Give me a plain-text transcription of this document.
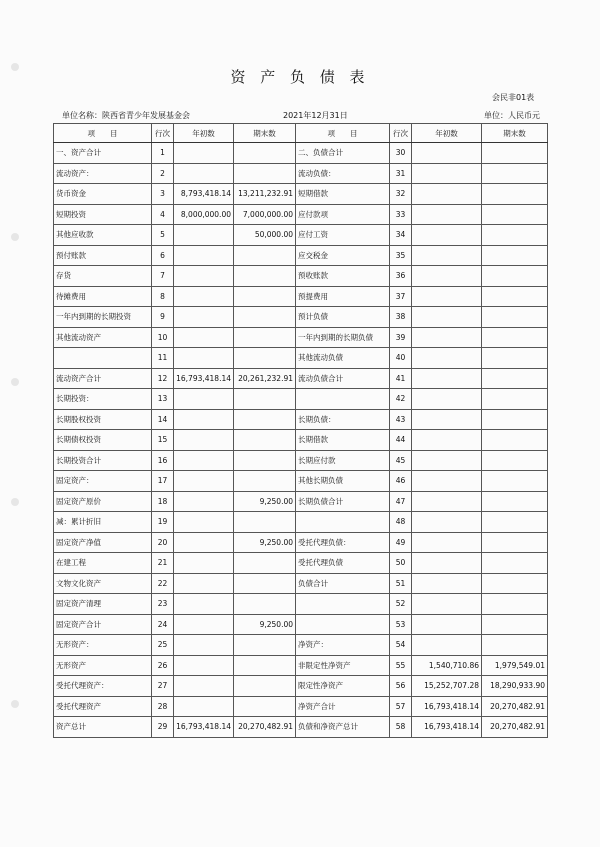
资 产 负 债 表
会民非01表
单位名称：陕西省青少年发展基金会	2021年12月31日	单位：人民币元
项　　目	行次	年初数	期末数	项　　目	行次	年初数	期末数
一、资产合计	1			二、负债合计	30		
流动资产：	2			流动负债：	31		
货币资金	3	8,793,418.14	13,211,232.91	短期借款	32		
短期投资	4	8,000,000.00	7,000,000.00	应付款项	33		
其他应收款	5		50,000.00	应付工资	34		
预付账款	6			应交税金	35		
存货	7			预收账款	36		
待摊费用	8			预提费用	37		
一年内到期的长期投资	9			预计负债	38		
其他流动资产	10			一年内到期的长期负债	39		
	11			其他流动负债	40		
流动资产合计	12	16,793,418.14	20,261,232.91	流动负债合计	41		
长期投资：	13				42		
长期股权投资	14			长期负债：	43		
长期债权投资	15			长期借款	44		
长期投资合计	16			长期应付款	45		
固定资产：	17			其他长期负债	46		
固定资产原价	18		9,250.00	长期负债合计	47		
减：累计折旧	19				48		
固定资产净值	20		9,250.00	受托代理负债：	49		
在建工程	21			受托代理负债	50		
文物文化资产	22			负债合计	51		
固定资产清理	23				52		
固定资产合计	24		9,250.00		53		
无形资产：	25			净资产：	54		
无形资产	26			非限定性净资产	55	1,540,710.86	1,979,549.01
受托代理资产：	27			限定性净资产	56	15,252,707.28	18,290,933.90
受托代理资产	28			净资产合计	57	16,793,418.14	20,270,482.91
资产总计	29	16,793,418.14	20,270,482.91	负债和净资产总计	58	16,793,418.14	20,270,482.91
